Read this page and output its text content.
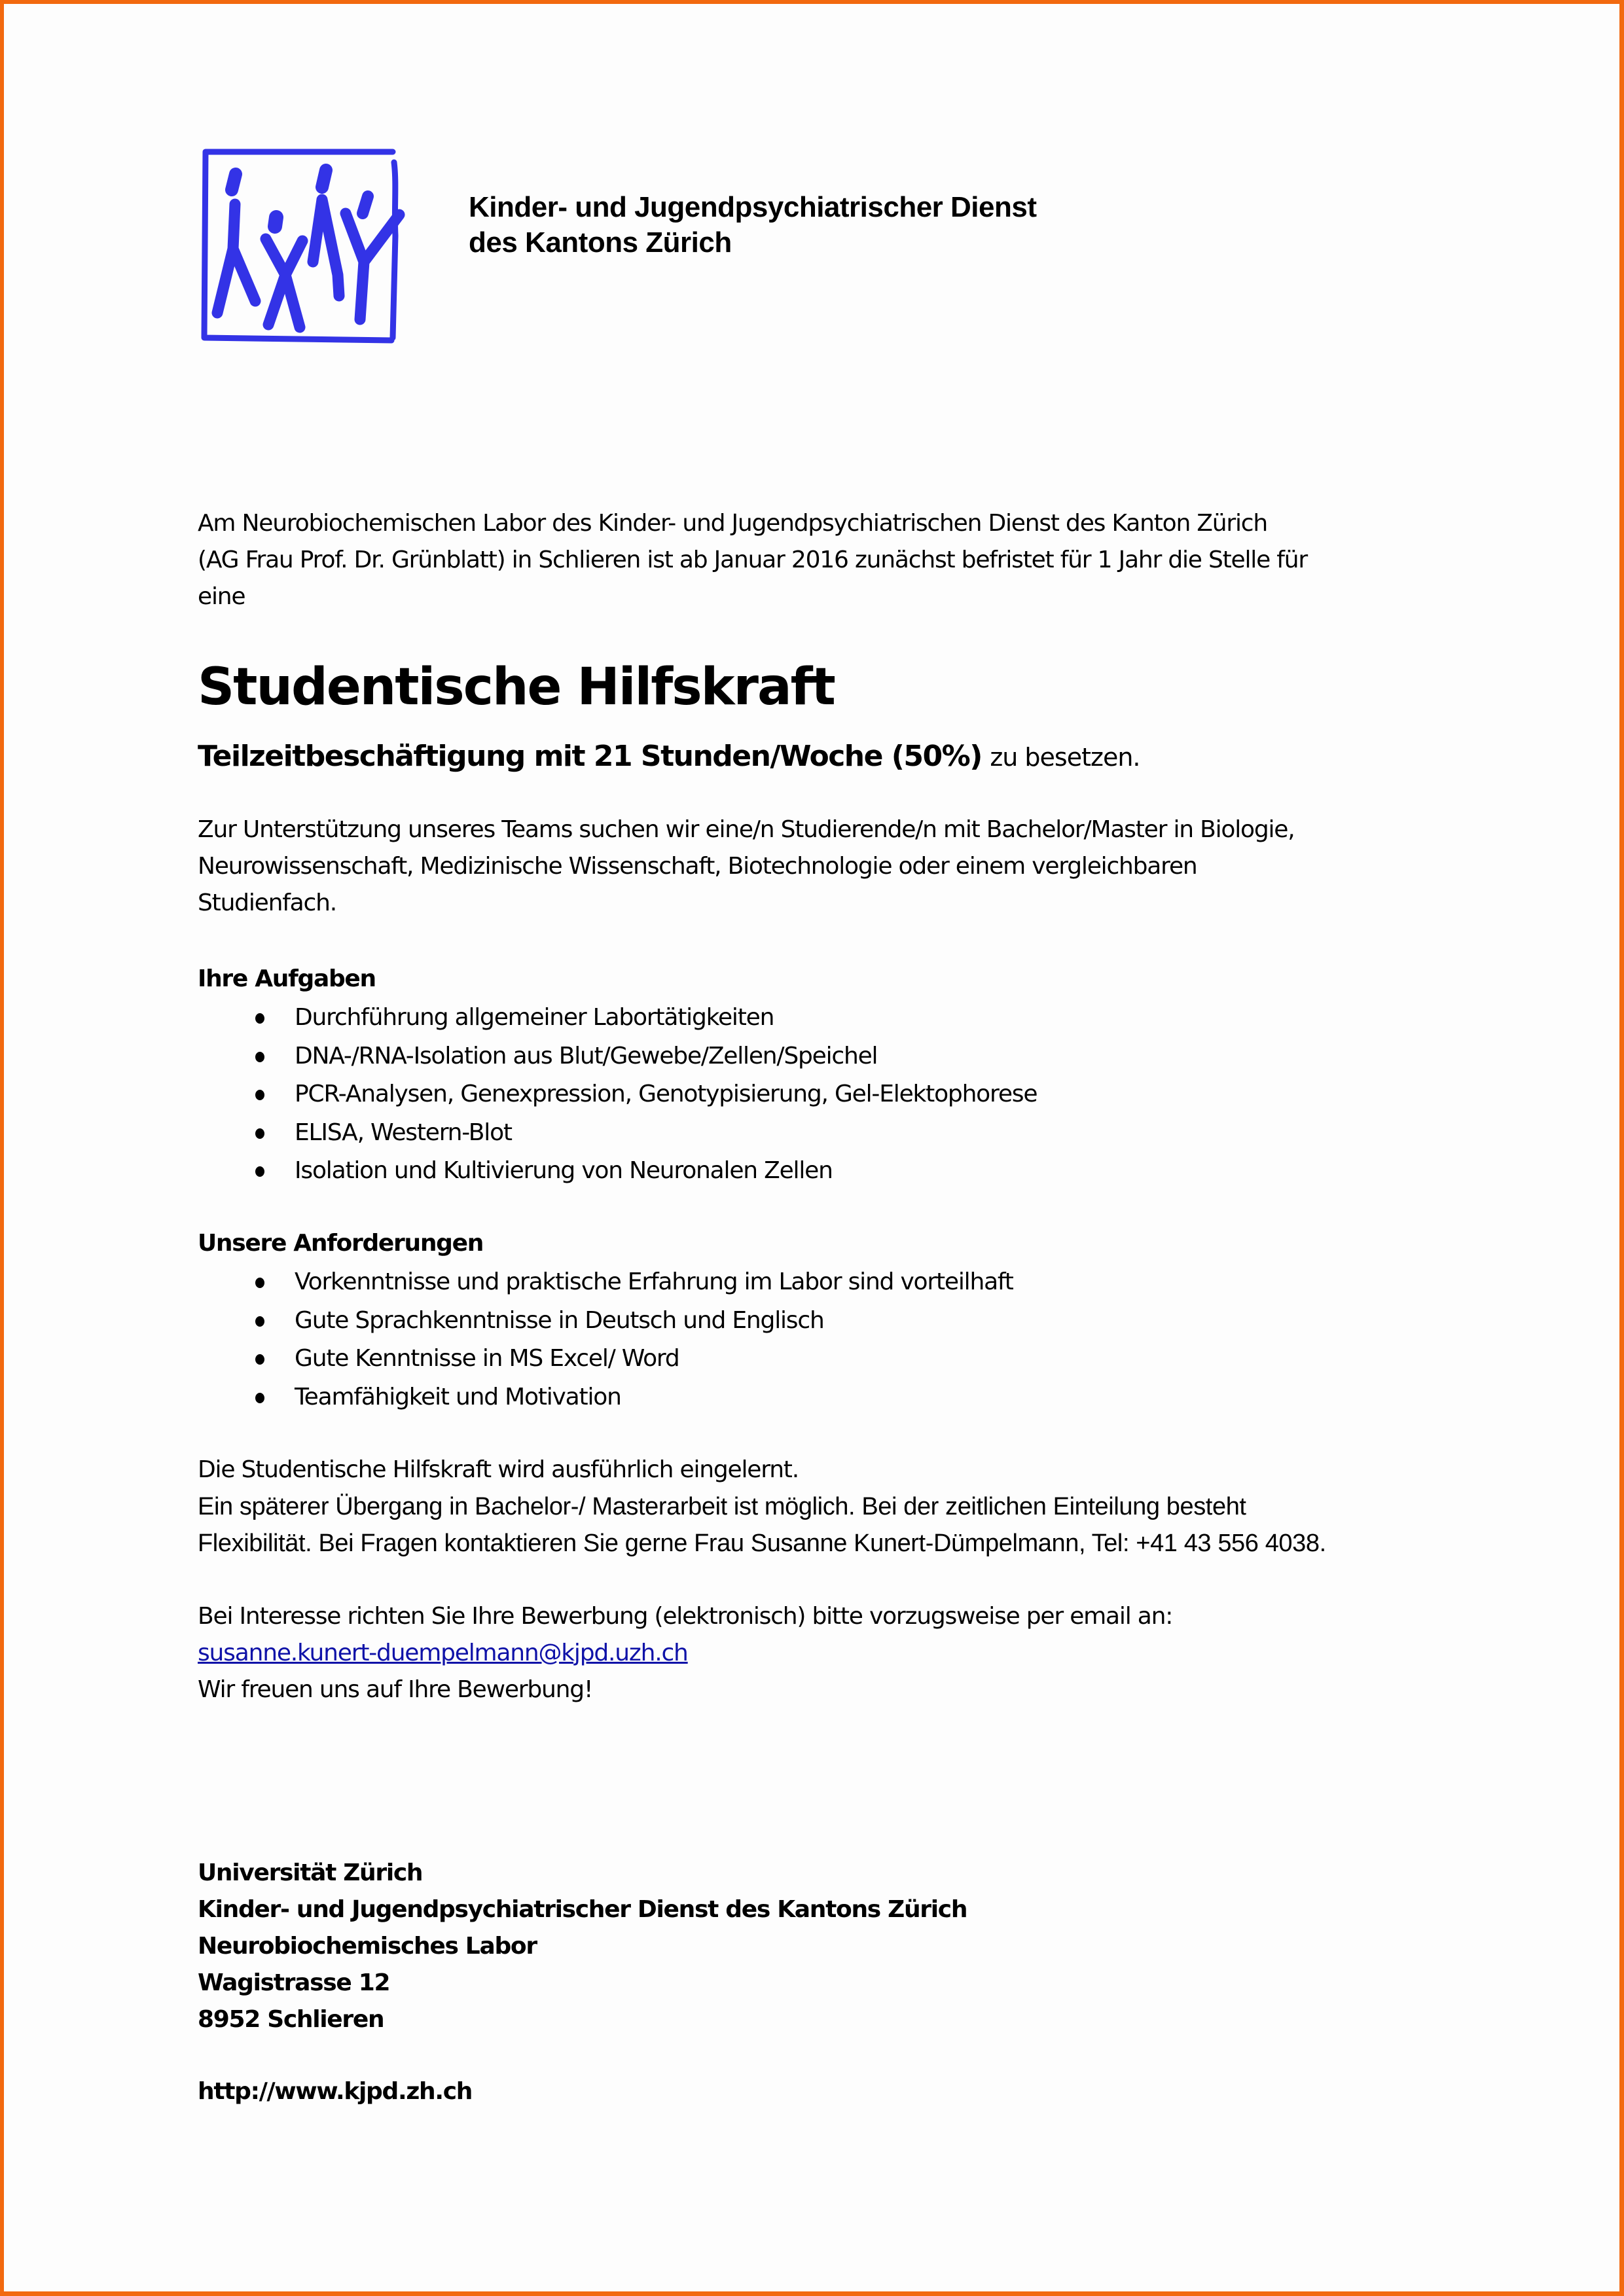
Kinder- und Jugendpsychiatrischer Dienst
des Kantons Zürich
Am Neurobiochemischen Labor des Kinder- und Jugendpsychiatrischen Dienst des Kanton Zürich
(AG Frau Prof. Dr. Grünblatt) in Schlieren ist ab Januar 2016 zunächst befristet für 1 Jahr die Stelle für
eine
Studentische Hilfskraft
Teilzeitbeschäftigung mit 21 Stunden/Woche (50%) zu besetzen.
Zur Unterstützung unseres Teams suchen wir eine/n Studierende/n mit Bachelor/Master in Biologie,
Neurowissenschaft, Medizinische Wissenschaft, Biotechnologie oder einem vergleichbaren
Studienfach.
Ihre Aufgaben
Durchführung allgemeiner Labortätigkeiten
DNA-/RNA-Isolation aus Blut/Gewebe/Zellen/Speichel
PCR-Analysen, Genexpression, Genotypisierung, Gel-Elektophorese
ELISA, Western-Blot
Isolation und Kultivierung von Neuronalen Zellen
Unsere Anforderungen
Vorkenntnisse und praktische Erfahrung im Labor sind vorteilhaft
Gute Sprachkenntnisse in Deutsch und Englisch
Gute Kenntnisse in MS Excel/ Word
Teamfähigkeit und Motivation
Die Studentische Hilfskraft wird ausführlich eingelernt.
Ein späterer Übergang in Bachelor-/ Masterarbeit ist möglich. Bei der zeitlichen Einteilung besteht
Flexibilität. Bei Fragen kontaktieren Sie gerne Frau Susanne Kunert-Dümpelmann, Tel: +41 43 556 4038.
Bei Interesse richten Sie Ihre Bewerbung (elektronisch) bitte vorzugsweise per email an:
susanne.kunert-duempelmann@kjpd.uzh.ch
Wir freuen uns auf Ihre Bewerbung!
Universität Zürich
Kinder- und Jugendpsychiatrischer Dienst des Kantons Zürich
Neurobiochemisches Labor
Wagistrasse 12
8952 Schlieren
http://www.kjpd.zh.ch
